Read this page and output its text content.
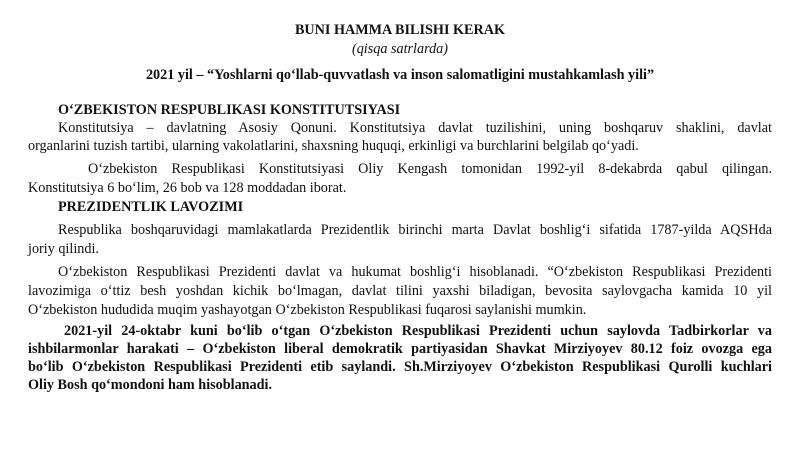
BUNI HAMMA BILISHI KERAK
(qisqa satrlarda)
2021 yil – “Yoshlarni qo‘llab-quvvatlash va inson salomatligini mustahkamlash yili”
O‘ZBEKISTON RESPUBLIKASI KONSTITUTSIYASI
Konstitutsiya – davlatning Asosiy Qonuni. Konstitutsiya davlat tuzilishini, uning boshqaruv shaklini, davlat
organlarini tuzish tartibi, ularning vakolatlarini, shaxsning huquqi, erkinligi va burchlarini belgilab qo‘yadi.
O‘zbekiston Respublikasi Konstitutsiyasi Oliy Kengash tomonidan 1992-yil 8-dekabrda qabul qilingan.
Konstitutsiya 6 bo‘lim, 26 bob va 128 moddadan iborat.
PREZIDENTLIK LAVOZIMI
Respublika boshqaruvidagi mamlakatlarda Prezidentlik birinchi marta Davlat boshlig‘i sifatida 1787-yilda AQSHda
joriy qilindi.
O‘zbekiston Respublikasi Prezidenti davlat va hukumat boshlig‘i hisoblanadi. “O‘zbekiston Respublikasi Prezidenti
lavozimiga o‘ttiz besh yoshdan kichik bo‘lmagan, davlat tilini yaxshi biladigan, bevosita saylovgacha kamida 10 yil
O‘zbekiston hududida muqim yashayotgan O‘zbekiston Respublikasi fuqarosi saylanishi mumkin.
2021-yil 24-oktabr kuni bo‘lib o‘tgan O‘zbekiston Respublikasi Prezidenti uchun saylovda Tadbirkorlar va
ishbilarmonlar harakati – O‘zbekiston liberal demokratik partiyasidan Shavkat Mirziyoyev 80.12 foiz ovozga ega
bo‘lib O‘zbekiston Respublikasi Prezidenti etib saylandi. Sh.Mirziyoyev O‘zbekiston Respublikasi Qurolli kuchlari
Oliy Bosh qo‘mondoni ham hisoblanadi.
